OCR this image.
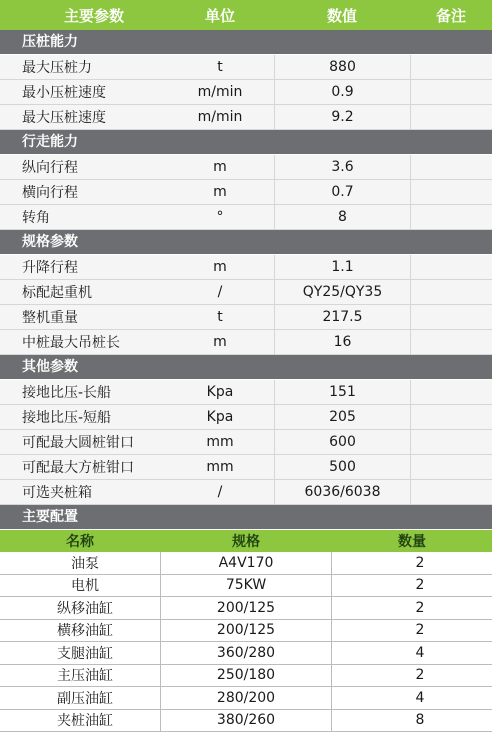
主要参数	单位	数值	备注
压桩能力
最大压桩力	t	880
最小压桩速度	m/min	0.9
最大压桩速度	m/min	9.2
行走能力
纵向行程	m	3.6
横向行程	m	0.7
转角	°	8
规格参数
升降行程	m	1.1
标配起重机	/	QY25/QY35
整机重量	t	217.5
中桩最大吊桩长	m	16
其他参数
接地比压-长船	Kpa	151
接地比压-短船	Kpa	205
可配最大圆桩钳口	mm	600
可配最大方桩钳口	mm	500
可选夹桩箱	/	6036/6038
主要配置
名称	规格	数量
油泵	A4V170	2
电机	75KW	2
纵移油缸	200/125	2
横移油缸	200/125	2
支腿油缸	360/280	4
主压油缸	250/180	2
副压油缸	280/200	4
夹桩油缸	380/260	8
